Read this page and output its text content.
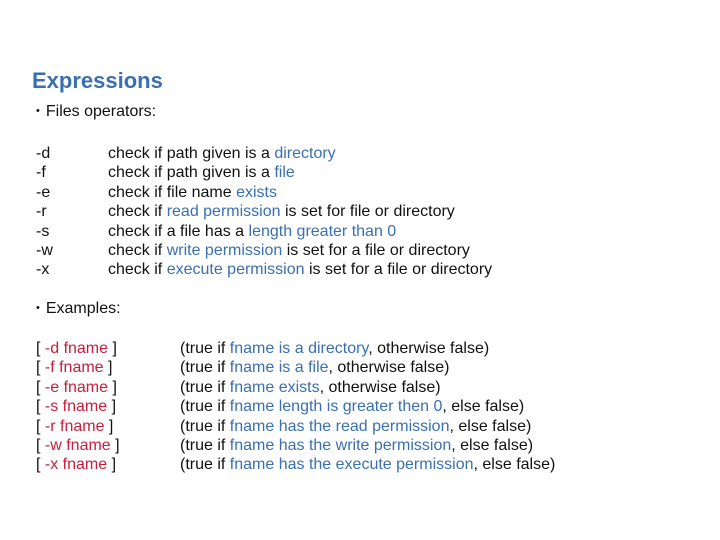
Expressions
• Files operators:
-d
-f
-e
-r
-s
-w
-x
check if path given is a directory
check if path given is a file
check if file name exists
check if read permission is set for file or directory
check if a file has a length greater than 0
check if write permission is set for a file or directory
check if execute permission is set for a file or directory
• Examples:
[ -d fname ]
[ -f fname ]
[ -e fname ]
[ -s fname ]
[ -r fname ]
[ -w fname ]
[ -x fname ]
(true if fname is a directory, otherwise false)
(true if fname is a file, otherwise false)
(true if fname exists, otherwise false)
(true if fname length is greater then 0, else false)
(true if fname has the read permission, else false)
(true if fname has the write permission, else false)
(true if fname has the execute permission, else false)
